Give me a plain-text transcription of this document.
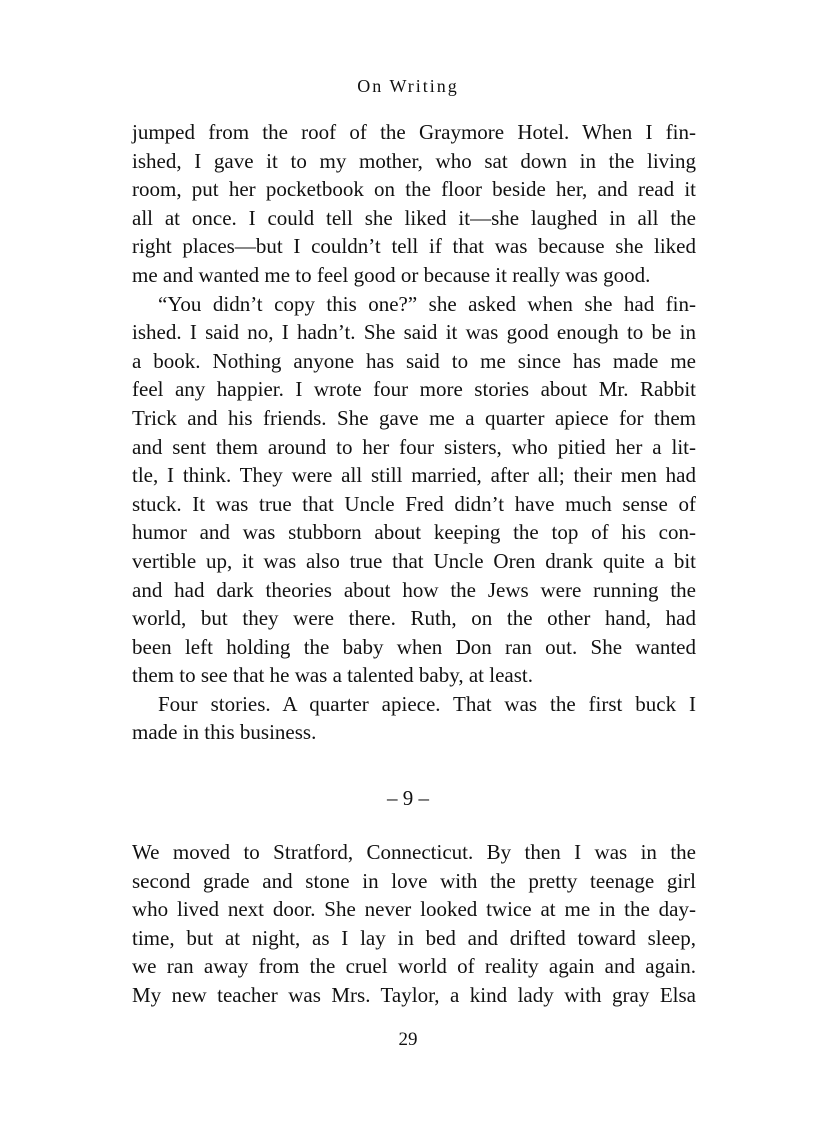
On Writing
jumped from the roof of the Graymore Hotel. When I fin-
ished, I gave it to my mother, who sat down in the living
room, put her pocketbook on the floor beside her, and read it
all at once. I could tell she liked it—she laughed in all the
right places—but I couldn’t tell if that was because she liked
me and wanted me to feel good or because it really was good.
“You didn’t copy this one?” she asked when she had fin-
ished. I said no, I hadn’t. She said it was good enough to be in
a book. Nothing anyone has said to me since has made me
feel any happier. I wrote four more stories about Mr. Rabbit
Trick and his friends. She gave me a quarter apiece for them
and sent them around to her four sisters, who pitied her a lit-
tle, I think. They were all still married, after all; their men had
stuck. It was true that Uncle Fred didn’t have much sense of
humor and was stubborn about keeping the top of his con-
vertible up, it was also true that Uncle Oren drank quite a bit
and had dark theories about how the Jews were running the
world, but they were there. Ruth, on the other hand, had
been left holding the baby when Don ran out. She wanted
them to see that he was a talented baby, at least.
Four stories. A quarter apiece. That was the first buck I
made in this business.
– 9 –
We moved to Stratford, Connecticut. By then I was in the
second grade and stone in love with the pretty teenage girl
who lived next door. She never looked twice at me in the day-
time, but at night, as I lay in bed and drifted toward sleep,
we ran away from the cruel world of reality again and again.
My new teacher was Mrs. Taylor, a kind lady with gray Elsa
29
